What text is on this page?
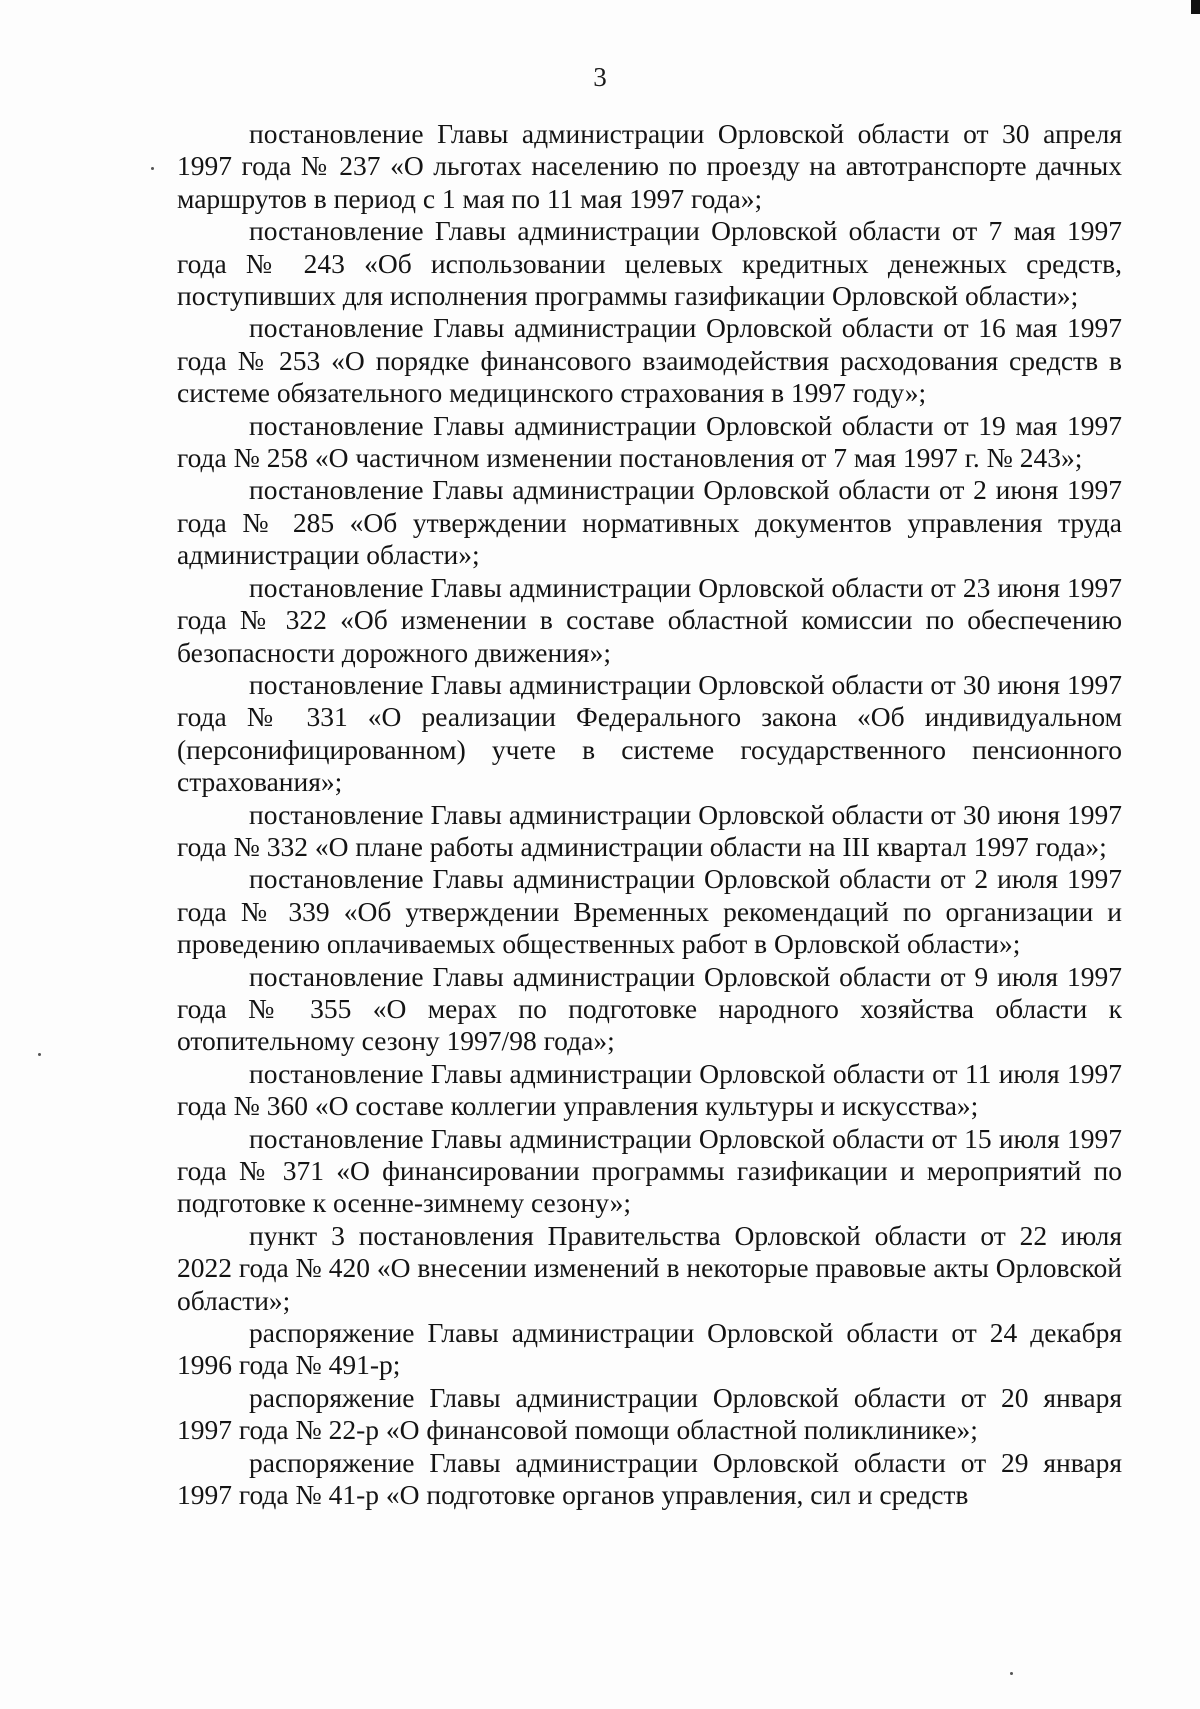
3

постановление Главы администрации Орловской области от 30 апреля 1997 года № 237 «О льготах населению по проезду на автотранспорте дачных маршрутов в период с 1 мая по 11 мая 1997 года»;

постановление Главы администрации Орловской области от 7 мая 1997 года № 243 «Об использовании целевых кредитных денежных средств, поступивших для исполнения программы газификации Орловской области»;

постановление Главы администрации Орловской области от 16 мая 1997 года № 253 «О порядке финансового взаимодействия расходования средств в системе обязательного медицинского страхования в 1997 году»;

постановление Главы администрации Орловской области от 19 мая 1997 года № 258 «О частичном изменении постановления от 7 мая 1997 г. № 243»;

постановление Главы администрации Орловской области от 2 июня 1997 года № 285 «Об утверждении нормативных документов управления труда администрации области»;

постановление Главы администрации Орловской области от 23 июня 1997 года № 322 «Об изменении в составе областной комиссии по обеспечению безопасности дорожного движения»;

постановление Главы администрации Орловской области от 30 июня 1997 года № 331 «О реализации Федерального закона «Об индивидуальном (персонифицированном) учете в системе государственного пенсионного страхования»;

постановление Главы администрации Орловской области от 30 июня 1997 года № 332 «О плане работы администрации области на III квартал 1997 года»;

постановление Главы администрации Орловской области от 2 июля 1997 года № 339 «Об утверждении Временных рекомендаций по организации и проведению оплачиваемых общественных работ в Орловской области»;

постановление Главы администрации Орловской области от 9 июля 1997 года № 355 «О мерах по подготовке народного хозяйства области к отопительному сезону 1997/98 года»;

постановление Главы администрации Орловской области от 11 июля 1997 года № 360 «О составе коллегии управления культуры и искусства»;

постановление Главы администрации Орловской области от 15 июля 1997 года № 371 «О финансировании программы газификации и мероприятий по подготовке к осенне-зимнему сезону»;

пункт 3 постановления Правительства Орловской области от 22 июля 2022 года № 420 «О внесении изменений в некоторые правовые акты Орловской области»;

распоряжение Главы администрации Орловской области от 24 декабря 1996 года № 491-р;

распоряжение Главы администрации Орловской области от 20 января 1997 года № 22-р «О финансовой помощи областной поликлинике»;

распоряжение Главы администрации Орловской области от 29 января 1997 года № 41-р «О подготовке органов управления, сил и средств
